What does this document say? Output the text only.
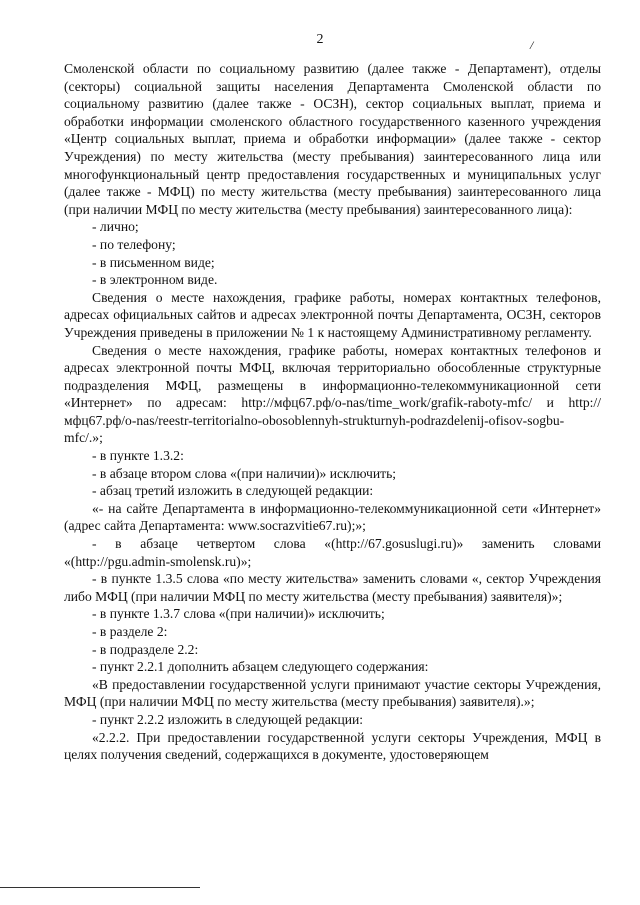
2	/

Смоленской области по социальному развитию (далее также - Департамент), отделы (секторы) социальной защиты населения Департамента Смоленской области по социальному развитию (далее также - ОСЗН), сектор социальных выплат, приема и обработки информации смоленского областного государственного казенного учреждения «Центр социальных выплат, приема и обработки информации» (далее также - сектор Учреждения) по месту жительства (месту пребывания) заинтересованного лица или многофункциональный центр предоставления государственных и муниципальных услуг (далее также - МФЦ) по месту жительства (месту пребывания) заинтересованного лица (при наличии МФЦ по месту жительства (месту пребывания) заинтересованного лица):

- лично;

- по телефону;

- в письменном виде;

- в электронном виде.

Сведения о месте нахождения, графике работы, номерах контактных телефонов, адресах официальных сайтов и адресах электронной почты Департамента, ОСЗН, секторов Учреждения приведены в приложении № 1 к настоящему Административному регламенту.

Сведения о месте нахождения, графике работы, номерах контактных телефонов и адресах электронной почты МФЦ, включая территориально обособленные структурные подразделения МФЦ, размещены в информационно-телекоммуникационной сети «Интернет» по адресам: http://мфц67.рф/о-nas/time_work/grafik-raboty-mfc/ и http://мфц67.рф/о-nas/reestr-territorialno-obosoblennyh-strukturnyh-podrazdelenij-ofisov-sogbu-mfc/.»;

- в пункте 1.3.2:

- в абзаце втором слова «(при наличии)» исключить;

- абзац третий изложить в следующей редакции:

«- на сайте Департамента в информационно-телекоммуникационной сети «Интернет» (адрес сайта Департамента: www.socrazvitie67.ru);»;

- в абзаце четвертом слова «(http://67.gosuslugi.ru)» заменить словами «(http://pgu.admin-smolensk.ru)»;

- в пункте 1.3.5 слова «по месту жительства» заменить словами «, сектор Учреждения либо МФЦ (при наличии МФЦ по месту жительства (месту пребывания) заявителя)»;

- в пункте 1.3.7 слова «(при наличии)» исключить;

- в разделе 2:

- в подразделе 2.2:

- пункт 2.2.1 дополнить абзацем следующего содержания:

«В предоставлении государственной услуги принимают участие секторы Учреждения, МФЦ (при наличии МФЦ по месту жительства (месту пребывания) заявителя).»;

- пункт 2.2.2 изложить в следующей редакции:

«2.2.2. При предоставлении государственной услуги секторы Учреждения, МФЦ в целях получения сведений, содержащихся в документе, удостоверяющем
